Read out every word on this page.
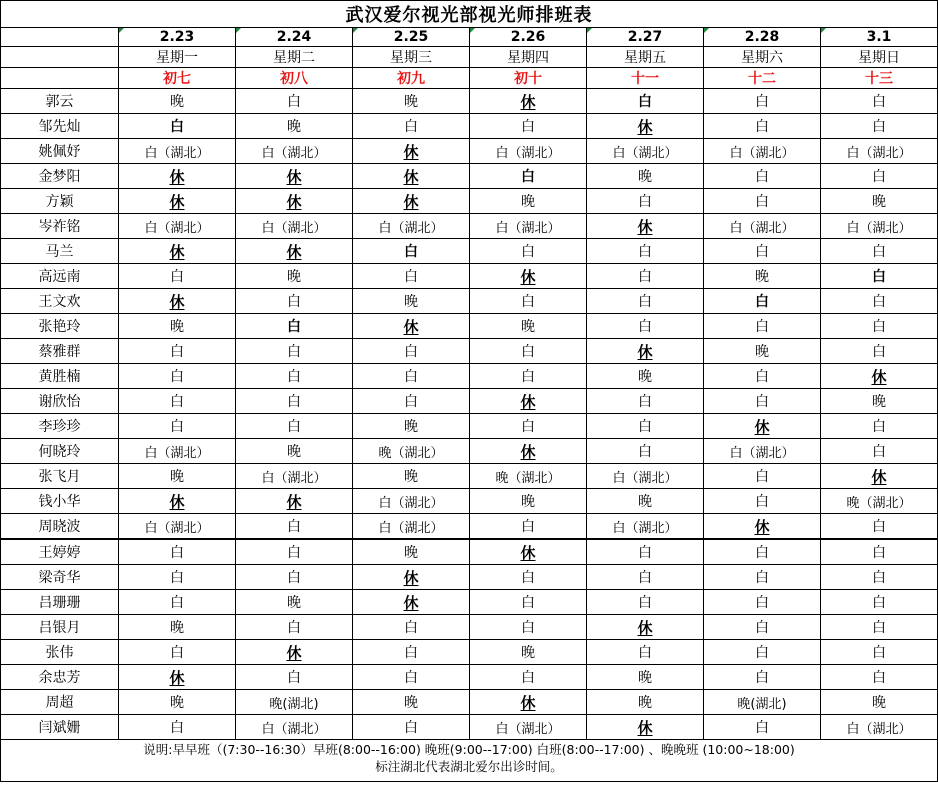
武汉爱尔视光部视光师排班表							
	2.23	2.24	2.25	2.26	2.27	2.28	3.1

	星期一	星期二	星期三	星期四	星期五	星期六	星期日
	初七	初八	初九	初十	十一	十二	十三
郭云	晚	白	晚	休	白	白	白
邹先灿	白	晚	白	白	休	白	白
姚佩妤	白（湖北）	白（湖北）	休	白（湖北）	白（湖北）	白（湖北）	白（湖北）
金梦阳	休	休	休	白	晚	白	白
方颖	休	休	休	晚	白	白	晚
岑祚铭	白（湖北）	白（湖北）	白（湖北）	白（湖北）	休	白（湖北）	白（湖北）
马兰	休	休	白	白	白	白	白
高远南	白	晚	白	休	白	晚	白
王文欢	休	白	晚	白	白	白	白
张艳玲	晚	白	休	晚	白	白	白
蔡雅群	白	白	白	白	休	晚	白
黄胜楠	白	白	白	白	晚	白	休
谢欣怡	白	白	白	休	白	白	晚
李珍珍	白	白	晚	白	白	休	白
何晓玲	白（湖北）	晚	晚（湖北）	休	白	白（湖北）	白
张飞月	晚	白（湖北）	晚	晚（湖北）	白（湖北）	白	休
钱小华	休	休	白（湖北）	晚	晚	白	晚（湖北）
周晓波	白（湖北）	白	白（湖北）	白	白（湖北）	休	白
王婷婷	白	白	晚	休	白	白	白
梁奇华	白	白	休	白	白	白	白
吕珊珊	白	晚	休	白	白	白	白
吕银月	晚	白	白	白	休	白	白
张伟	白	休	白	晚	白	白	白
余忠芳	休	白	白	白	晚	白	白
周超	晚	晚(湖北)	晚	休	晚	晚(湖北)	晚
闫斌姗	白	白（湖北）	白	白（湖北）	休	白	白（湖北）

说明:早早班（(7:30--16:30）早班(8:00--16:00) 晚班(9:00--17:00) 白班(8:00--17:00) 、晚晚班 (10:00~18:00)
标注湖北代表湖北爱尔出诊时间。							
